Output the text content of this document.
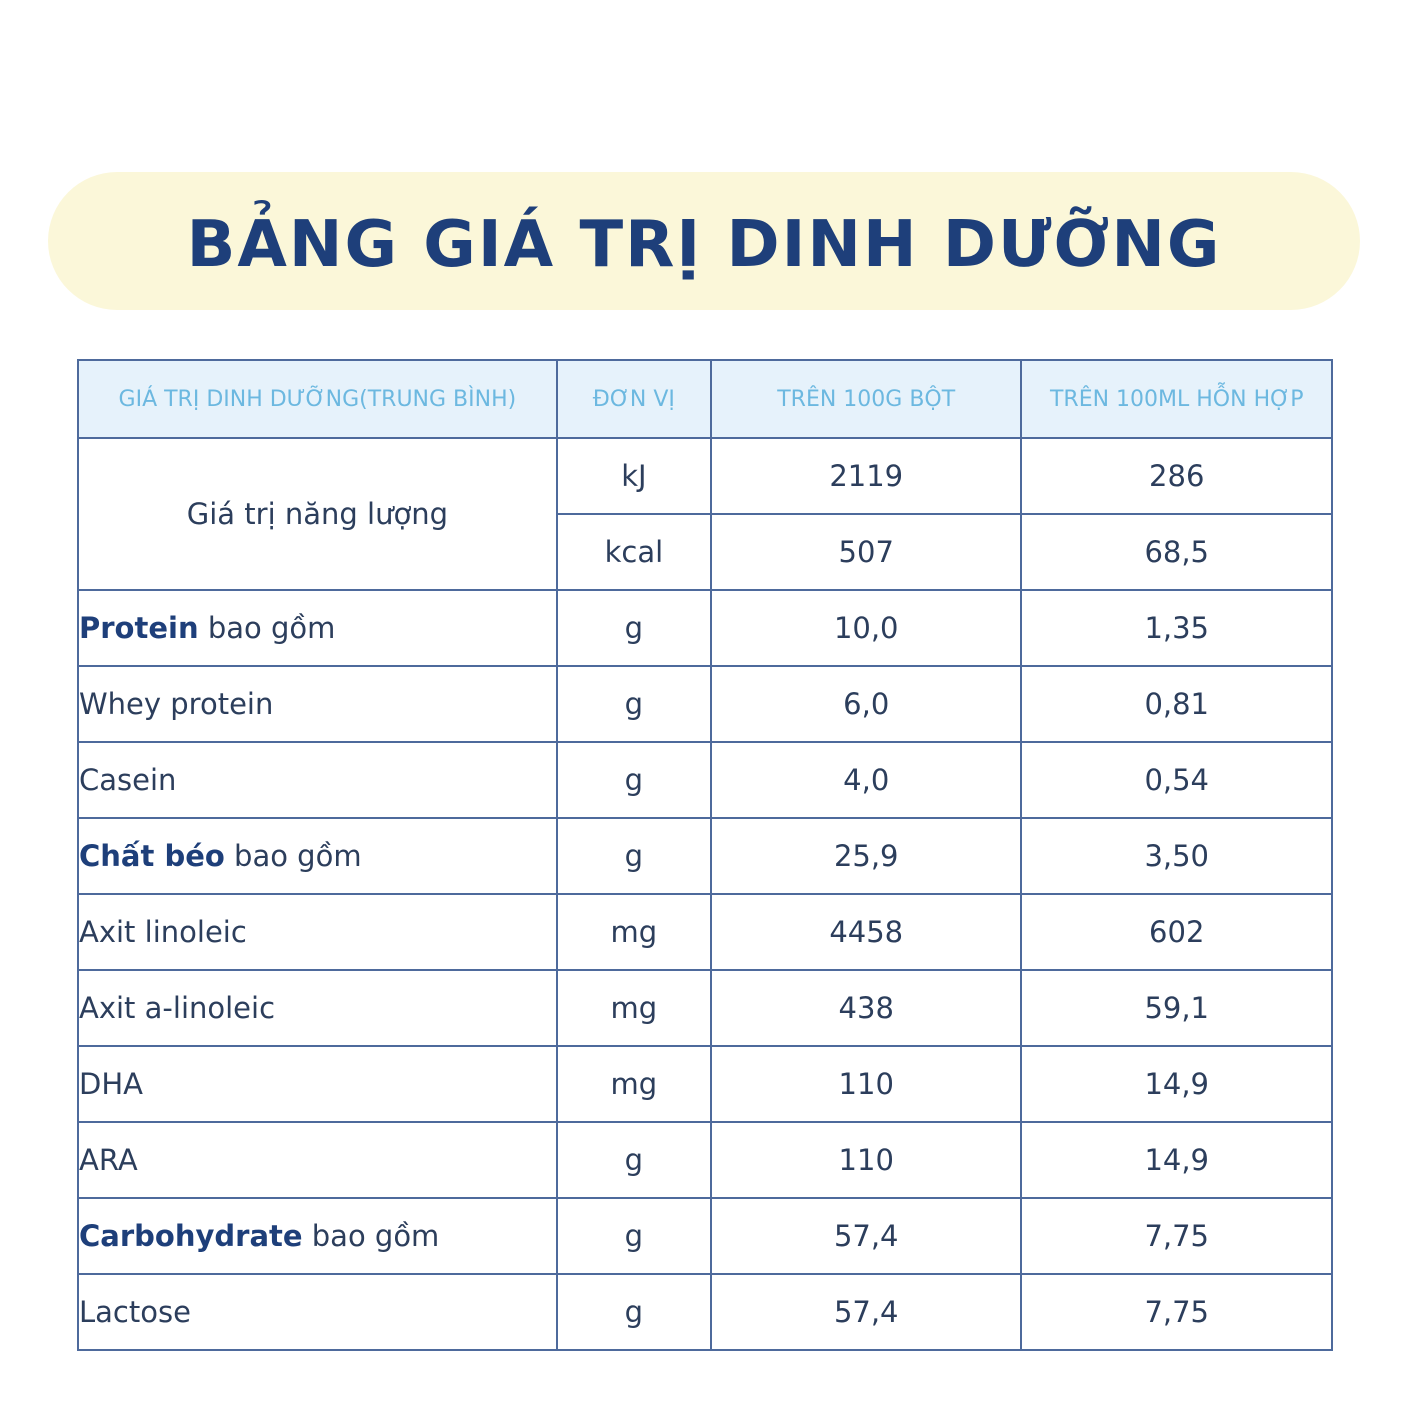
BẢNG GIÁ TRỊ DINH DƯỠNG
GIÁ TRỊ DINH DƯỠNG(TRUNG BÌNH)	ĐƠN VỊ	TRÊN 100G BỘT	TRÊN 100ML HỖN HỢP
Giá trị năng lượng	kJ	2119	286
	kcal	507	68,5
Protein bao gồm	g	10,0	1,35
Whey protein	g	6,0	0,81
Casein	g	4,0	0,54
Chất béo bao gồm	g	25,9	3,50
Axit linoleic	mg	4458	602
Axit a-linoleic	mg	438	59,1
DHA	mg	110	14,9
ARA	g	110	14,9
Carbohydrate bao gồm	g	57,4	7,75
Lactose	g	57,4	7,75
